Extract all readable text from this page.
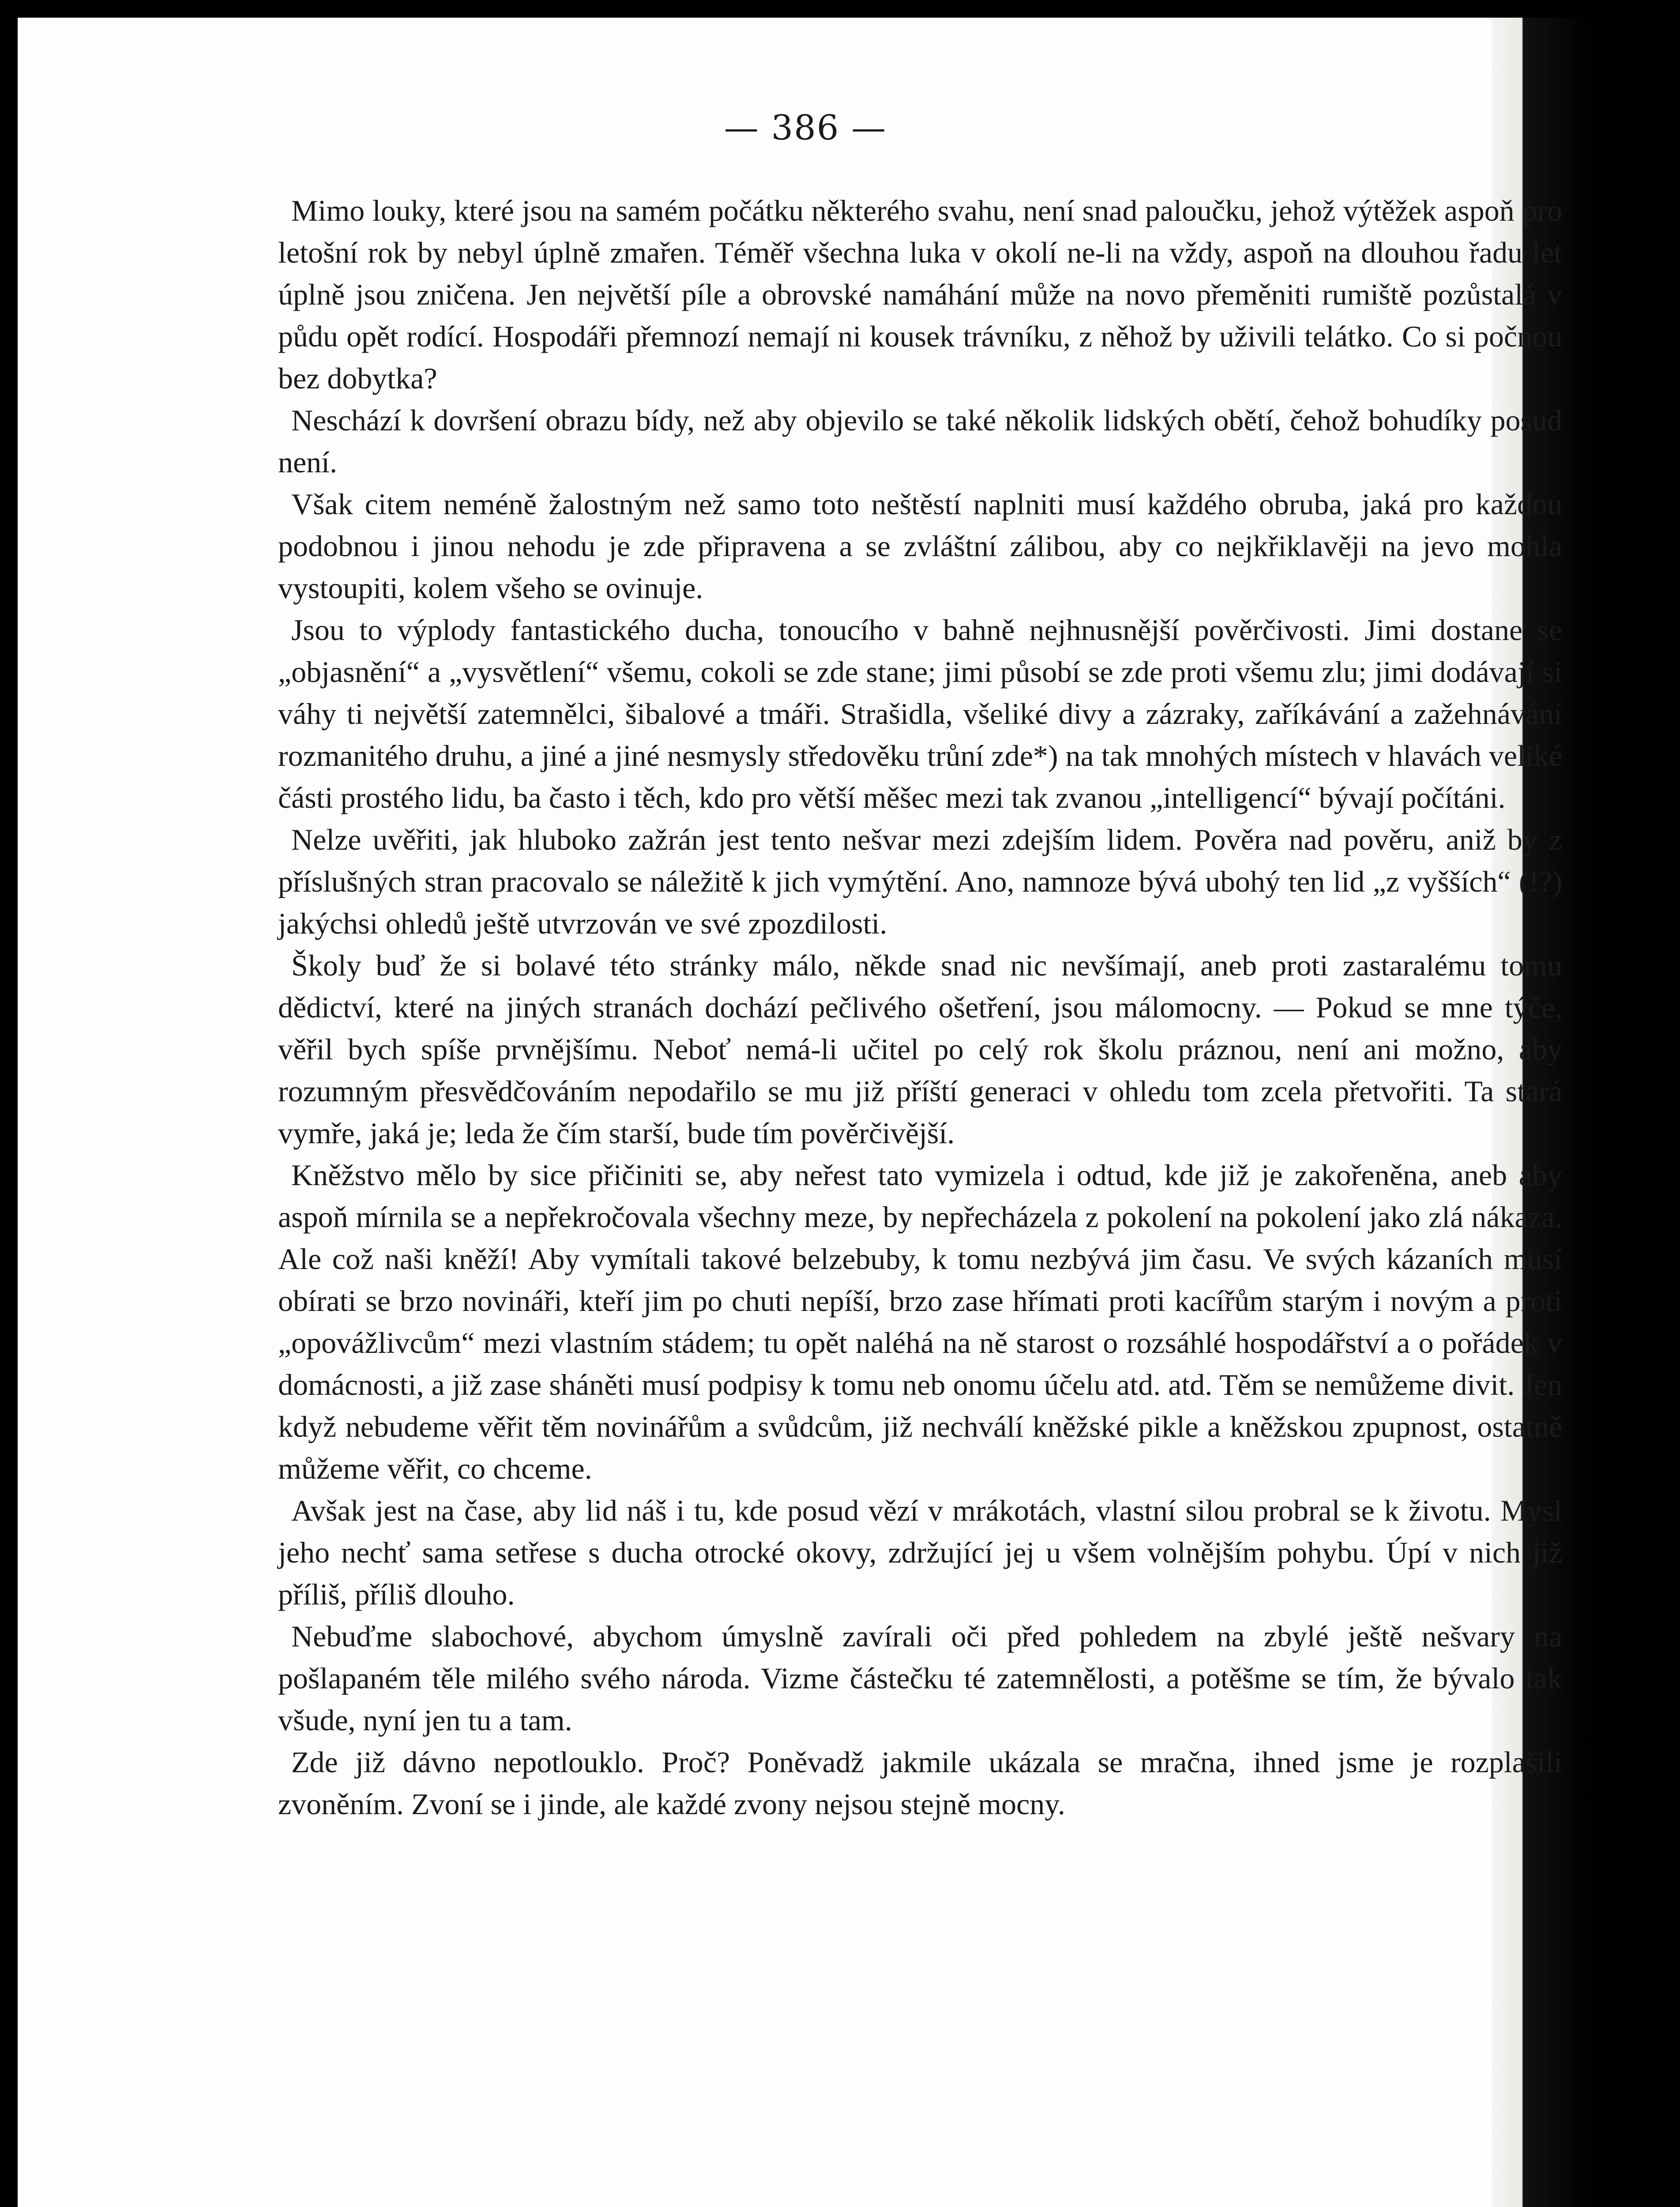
— 386 —

Mimo louky, které jsou na samém počátku některého svahu, není snad paloučku, jehož výtěžek aspoň pro letošní rok by nebyl úplně zmařen. Téměř všechna luka v okolí ne-li na vždy, aspoň na dlouhou řadu let úplně jsou zničena. Jen největší píle a obrovské namáhání může na novo přeměniti rumiště pozůstalá v půdu opět rodící. Hospodáři přemnozí nemají ni kousek trávníku, z něhož by uživili telátko. Co si počnou bez dobytka?

Neschází k dovršení obrazu bídy, než aby objevilo se také několik lidských obětí, čehož bohudíky posud není.

Však citem neméně žalostným než samo toto neštěstí naplniti musí každého obruba, jaká pro každou podobnou i jinou nehodu je zde připravena a se zvláštní zálibou, aby co nejkřiklavěji na jevo mohla vystoupiti, kolem všeho se ovinuje.

Jsou to výplody fantastického ducha, tonoucího v bahně nejhnusnější pověrčivosti. Jimi dostane se „objasnění“ a „vysvětlení“ všemu, cokoli se zde stane; jimi působí se zde proti všemu zlu; jimi dodávají si váhy ti největší zatemnělci, šibalové a tmáři. Strašidla, všeliké divy a zázraky, zaříkávání a zažehnávání rozmanitého druhu, a jiné a jiné nesmysly středověku trůní zde*) na tak mnohých místech v hlavách veliké části prostého lidu, ba často i těch, kdo pro větší měšec mezi tak zvanou „intelligencí“ bývají počítáni.

Nelze uvěřiti, jak hluboko zažrán jest tento nešvar mezi zdejším lidem. Pověra nad pověru, aniž by z příslušných stran pracovalo se náležitě k jich vymýtění. Ano, namnoze bývá ubohý ten lid „z vyšších“ (!?) jakýchsi ohledů ještě utvrzován ve své zpozdilosti.

Školy buď že si bolavé této stránky málo, někde snad nic nevšímají, aneb proti zastaralému tomu dědictví, které na jiných stranách dochází pečlivého ošetření, jsou málomocny. — Pokud se mne týče, věřil bych spíše prvnějšímu. Neboť nemá-li učitel po celý rok školu práznou, není ani možno, aby rozumným přesvědčováním nepodařilo se mu již příští generaci v ohledu tom zcela přetvořiti. Ta stará vymře, jaká je; leda že čím starší, bude tím pověrčivější.

Kněžstvo mělo by sice přičiniti se, aby neřest tato vymizela i odtud, kde již je zakořeněna, aneb aby aspoň mírnila se a nepřekročovala všechny meze, by nepřecházela z pokolení na pokolení jako zlá nákaza. Ale což naši kněží! Aby vymítali takové belzebuby, k tomu nezbývá jim času. Ve svých kázaních musí obírati se brzo novináři, kteří jim po chuti nepíší, brzo zase hřímati proti kacířům starým i novým a proti „opovážlivcům“ mezi vlastním stádem; tu opět naléhá na ně starost o rozsáhlé hospodářství a o pořádek v domácnosti, a již zase sháněti musí podpisy k tomu neb onomu účelu atd. atd. Těm se nemůžeme divit. Jen když nebudeme věřit těm novinářům a svůdcům, již nechválí kněžské pikle a kněžskou zpupnost, ostatně můžeme věřit, co chceme.

Avšak jest na čase, aby lid náš i tu, kde posud vězí v mrákotách, vlastní silou probral se k životu. Mysl jeho nechť sama setřese s ducha otrocké okovy, zdržující jej u všem volnějším pohybu. Úpí v nich již příliš, příliš dlouho.

Nebuďme slabochové, abychom úmyslně zavírali oči před pohledem na zbylé ještě nešvary na pošlapaném těle milého svého národa. Vizme částečku té zatemnělosti, a potěšme se tím, že bývalo tak všude, nyní jen tu a tam.

Zde již dávno nepotlouklo. Proč? Poněvadž jakmile ukázala se mračna, ihned jsme je rozplašili zvoněním. Zvoní se i jinde, ale každé zvony nejsou stejně mocny.
